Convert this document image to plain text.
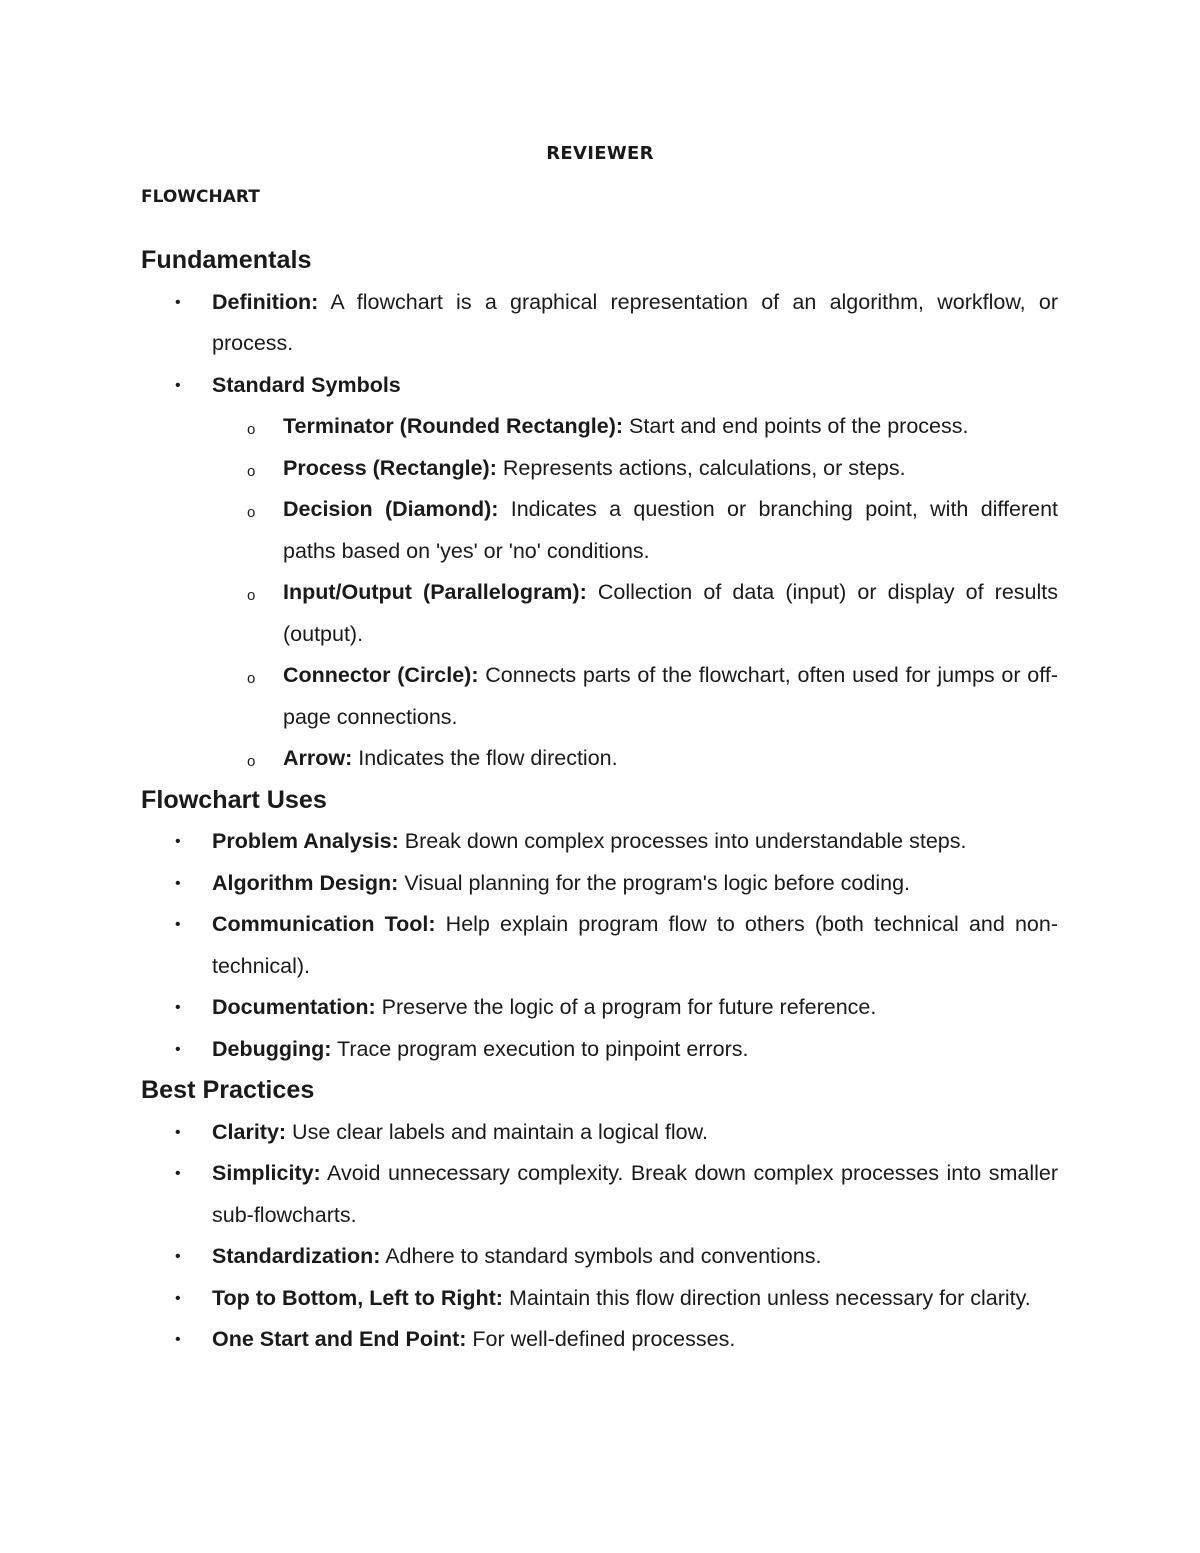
REVIEWER
FLOWCHART
Fundamentals
• Definition: A flowchart is a graphical representation of an algorithm, workflow, or process.
• Standard Symbols
o Terminator (Rounded Rectangle): Start and end points of the process.
o Process (Rectangle): Represents actions, calculations, or steps.
o Decision (Diamond): Indicates a question or branching point, with different paths based on 'yes' or 'no' conditions.
o Input/Output (Parallelogram): Collection of data (input) or display of results (output).
o Connector (Circle): Connects parts of the flowchart, often used for jumps or off-page connections.
o Arrow: Indicates the flow direction.
Flowchart Uses
• Problem Analysis: Break down complex processes into understandable steps.
• Algorithm Design: Visual planning for the program's logic before coding.
• Communication Tool: Help explain program flow to others (both technical and non-technical).
• Documentation: Preserve the logic of a program for future reference.
• Debugging: Trace program execution to pinpoint errors.
Best Practices
• Clarity: Use clear labels and maintain a logical flow.
• Simplicity: Avoid unnecessary complexity. Break down complex processes into smaller sub-flowcharts.
• Standardization: Adhere to standard symbols and conventions.
• Top to Bottom, Left to Right: Maintain this flow direction unless necessary for clarity.
• One Start and End Point: For well-defined processes.
